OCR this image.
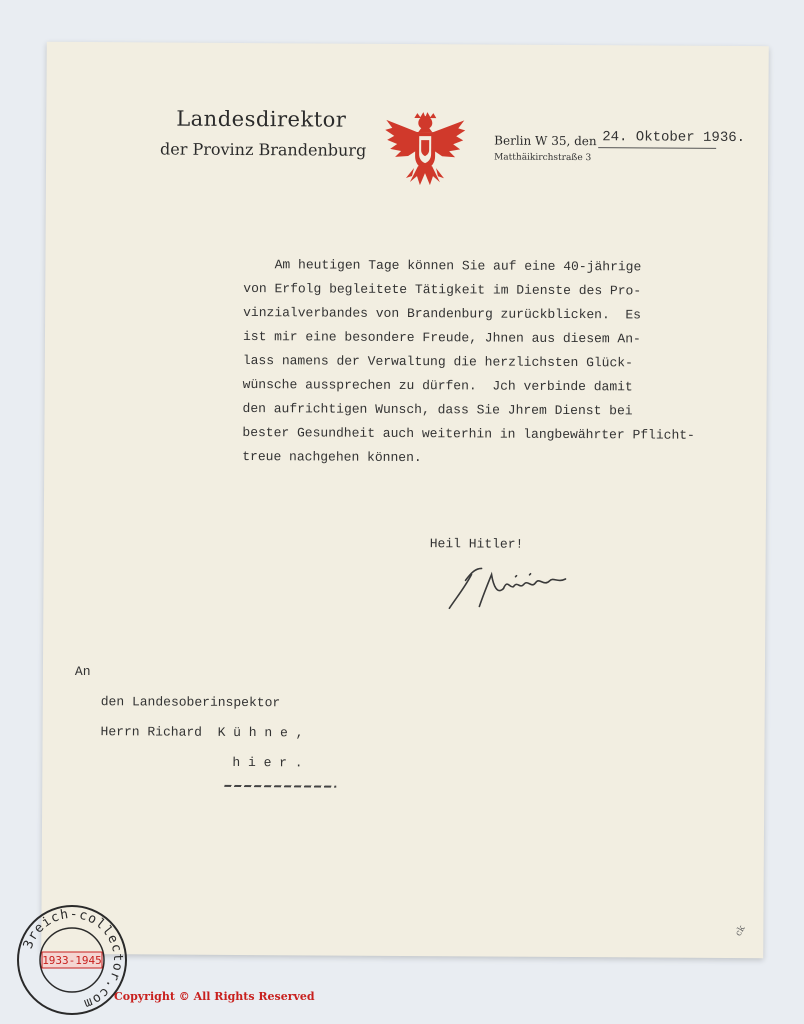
Landesdirektor
der Provinz Brandenburg	Berlin W 35, den
Matthäikirchstraße 3
24. Oktober 1936.
Am heutigen Tage können Sie auf eine 40-jährige
von Erfolg begleitete Tätigkeit im Dienste des Pro-
vinzialverbandes von Brandenburg zurückblicken.  Es
ist mir eine besondere Freude, Jhnen aus diesem An-
lass namens der Verwaltung die herzlichsten Glück-
wünsche aussprechen zu dürfen.  Jch verbinde damit
den aufrichtigen Wunsch, dass Sie Jhrem Dienst bei
bester Gesundheit auch weiterhin in langbewährter Pflicht-
treue nachgehen können.
Heil Hitler!
An
den Landesoberinspektor
Herrn Richard  K ü h n e ,
h i e r .
ck
3reich-collector.com
1933-1945
Copyright © All Rights Reserved
